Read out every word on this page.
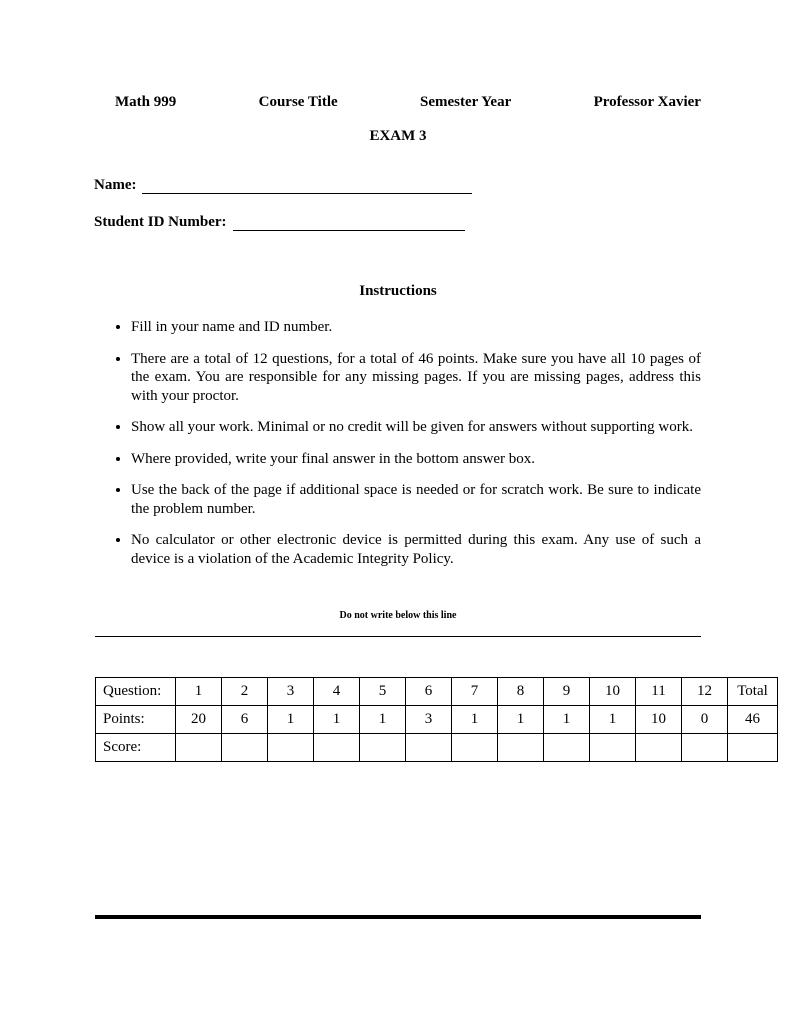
Math 999	Course Title	Semester Year	Professor Xavier
EXAM 3
Name:
Student ID Number:
Instructions
• Fill in your name and ID number.
• There are a total of 12 questions, for a total of 46 points. Make sure you have all 10 pages of the exam. You are responsible for any missing pages. If you are missing pages, address this with your proctor.
• Show all your work. Minimal or no credit will be given for answers without supporting work.
• Where provided, write your final answer in the bottom answer box.
• Use the back of the page if additional space is needed or for scratch work. Be sure to indicate the problem number.
• No calculator or other electronic device is permitted during this exam. Any use of such a device is a violation of the Academic Integrity Policy.
Do not write below this line
Question:	1	2	3	4	5	6	7	8	9	10	11	12	Total
Points:	20	6	1	1	1	3	1	1	1	1	10	0	46
Score:													
